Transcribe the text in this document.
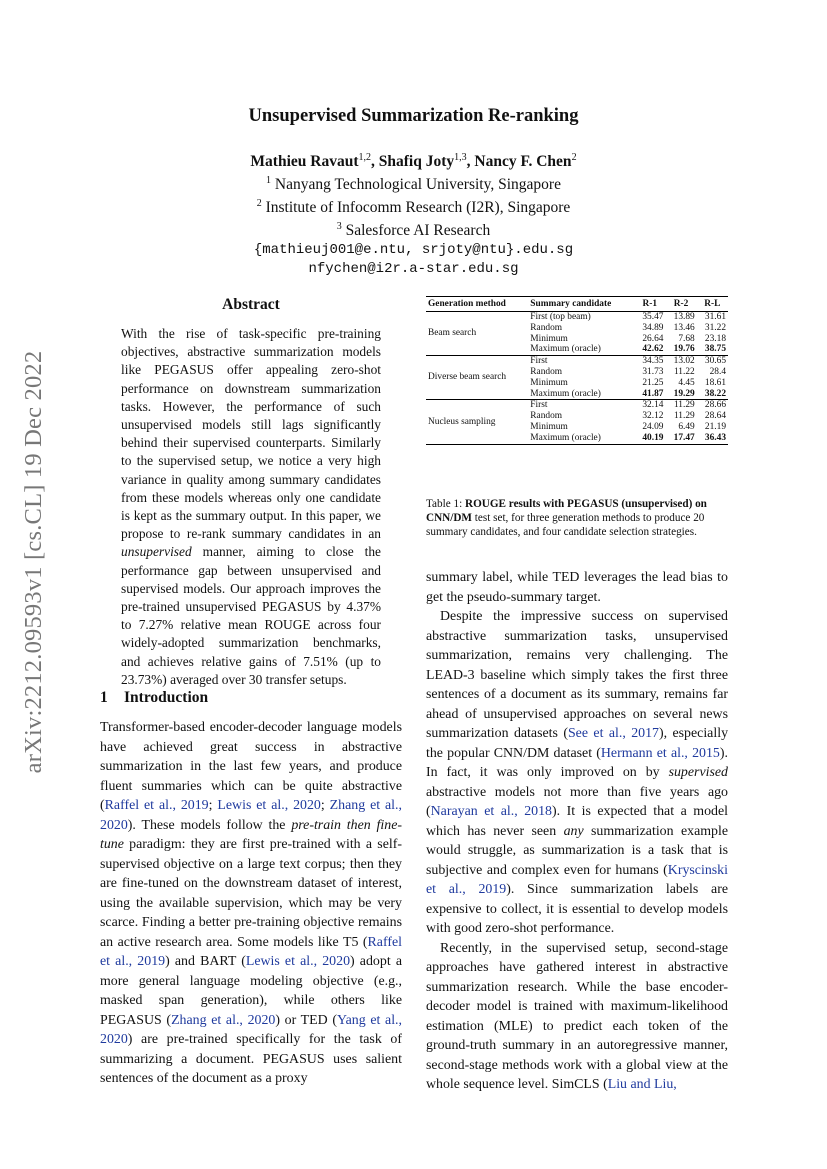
arXiv:2212.09593v1 [cs.CL] 19 Dec 2022
Unsupervised Summarization Re-ranking
Mathieu Ravaut$^{1,2}$, Shafiq Joty$^{1,3}$, Nancy F. Chen$^2$
$^1$ Nanyang Technological University, Singapore
$^2$ Institute of Infocomm Research (I2R), Singapore
$^3$ Salesforce AI Research
{mathieuj001@e.ntu, srjoty@ntu}.edu.sg
nfychen@i2r.a-star.edu.sg
Abstract
With the rise of task-specific pre-training objectives, abstractive summarization models like PEGASUS offer appealing zero-shot performance on downstream summarization tasks. However, the performance of such unsupervised models still lags significantly behind their supervised counterparts. Similarly to the supervised setup, we notice a very high variance in quality among summary candidates from these models whereas only one candidate is kept as the summary output. In this paper, we propose to re-rank summary candidates in an unsupervised manner, aiming to close the performance gap between unsupervised and supervised models. Our approach improves the pre-trained unsupervised PEGASUS by 4.37% to 7.27% relative mean ROUGE across four widely-adopted summarization benchmarks, and achieves relative gains of 7.51% (up to 23.73%) averaged over 30 transfer setups.
1 Introduction

Transformer-based encoder-decoder language models have achieved great success in abstractive summarization in the last few years, and produce fluent summaries which can be quite abstractive (Raffel et al., 2019; Lewis et al., 2020; Zhang et al., 2020). These models follow the pre-train then fine-tune paradigm: they are first pre-trained with a self-supervised objective on a large text corpus; then they are fine-tuned on the downstream dataset of interest, using the available supervision, which may be very scarce. Finding a better pre-training objective remains an active research area. Some models like T5 (Raffel et al., 2019) and BART (Lewis et al., 2020) adopt a more general language modeling objective (e.g., masked span generation), while others like PEGASUS (Zhang et al., 2020) or TED (Yang et al., 2020) are pre-trained specifically for the task of summarizing a document. PEGASUS uses salient sentences of the document as a proxy

Generation method	Summary candidate	R-1	R-2	R-L
Beam search	First (top beam)	35.47	13.89	31.61
	Random	34.89	13.46	31.22
	Minimum	26.64	7.68	23.18
	Maximum (oracle)	42.62	19.76	38.75
Diverse beam search	First	34.35	13.02	30.65
	Random	31.73	11.22	28.4
	Minimum	21.25	4.45	18.61
	Maximum (oracle)	41.87	19.29	38.22
Nucleus sampling	First	32.14	11.29	28.66
	Random	32.12	11.29	28.64
	Minimum	24.09	6.49	21.19
	Maximum (oracle)	40.19	17.47	36.43
Table 1: ROUGE results with PEGASUS (unsupervised) on CNN/DM test set, for three generation methods to produce 20 summary candidates, and four candidate selection strategies.

summary label, while TED leverages the lead bias to get the pseudo-summary target.

Despite the impressive success on supervised abstractive summarization tasks, unsupervised summarization, remains very challenging. The LEAD-3 baseline which simply takes the first three sentences of a document as its summary, remains far ahead of unsupervised approaches on several news summarization datasets (See et al., 2017), especially the popular CNN/DM dataset (Hermann et al., 2015). In fact, it was only improved on by supervised abstractive models not more than five years ago (Narayan et al., 2018). It is expected that a model which has never seen any summarization example would struggle, as summarization is a task that is subjective and complex even for humans (Kryscinski et al., 2019). Since summarization labels are expensive to collect, it is essential to develop models with good zero-shot performance.

Recently, in the supervised setup, second-stage approaches have gathered interest in abstractive summarization research. While the base encoder-decoder model is trained with maximum-likelihood estimation (MLE) to predict each token of the ground-truth summary in an autoregressive manner, second-stage methods work with a global view at the whole sequence level. SimCLS (Liu and Liu,
